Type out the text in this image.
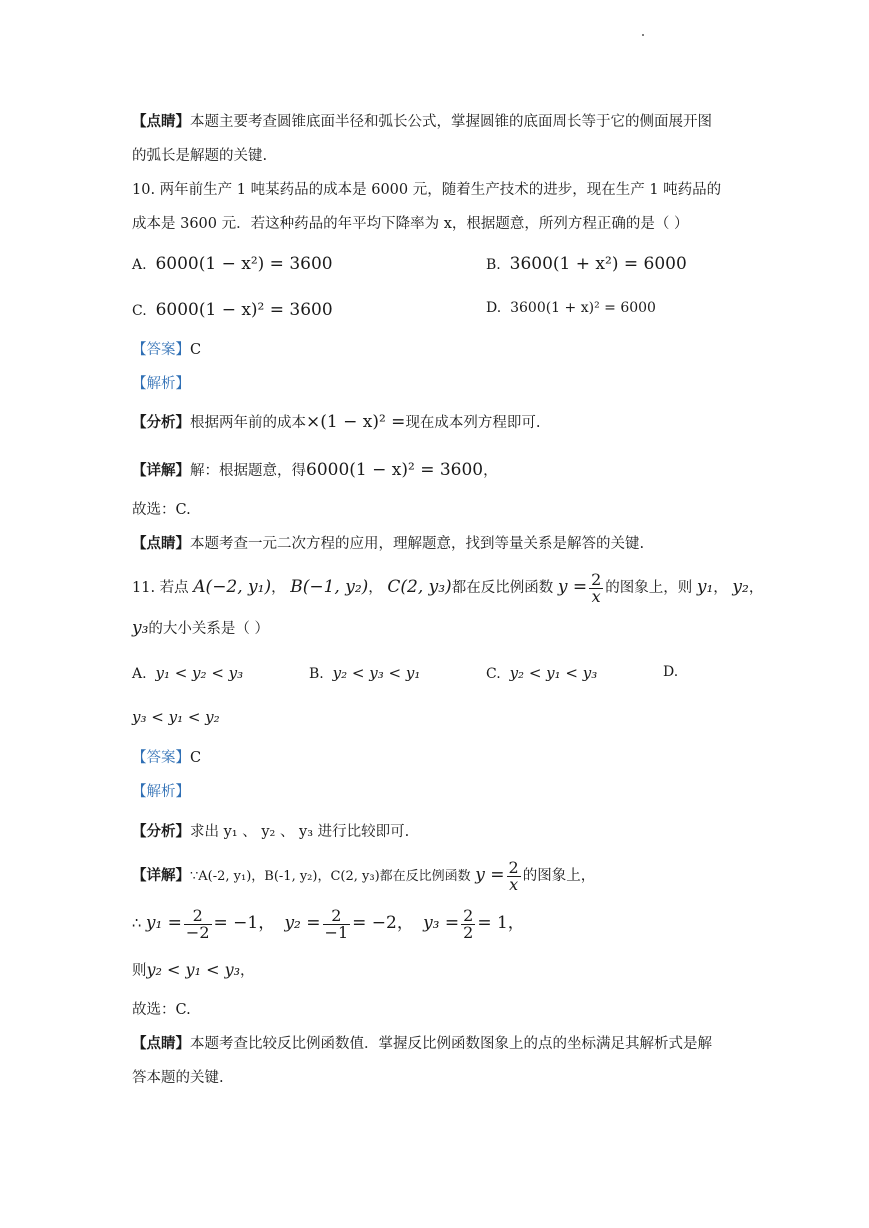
【点睛】本题主要考查圆锥底面半径和弧长公式，掌握圆锥的底面周长等于它的侧面展开图
的弧长是解题的关键.
10. 两年前生产 1 吨某药品的成本是 6000 元，随着生产技术的进步，现在生产 1 吨药品的
成本是 3600 元．若这种药品的年平均下降率为 x，根据题意，所列方程正确的是（ ）
A. 6000(1 − x²) = 3600	B. 3600(1 + x²) = 6000
C. 6000(1 − x)² = 3600	D. 3600(1 + x)² = 6000
【答案】C
【解析】
【分析】根据两年前的成本×(1 − x)² =现在成本列方程即可.
【详解】解：根据题意，得6000(1 − x)² = 3600，
故选：C.
【点睛】本题考查一元二次方程的应用，理解题意，找到等量关系是解答的关键.
11. 若点 A(−2, y₁)， B(−1, y₂)， C(2, y₃)都在反比例函数 $y = \frac{2}{x}$ 的图象上，则 y₁， y₂，
y₃的大小关系是（ ）
A. y₁ < y₂ < y₃	B. y₂ < y₃ < y₁	C. y₂ < y₁ < y₃	D.
y₃ < y₁ < y₂
【答案】C
【解析】
【分析】求出 y₁ 、 y₂ 、 y₃ 进行比较即可.
【详解】∵A(-2, y₁)，B(-1, y₂)，C(2, y₃)都在反比例函数 $y = \frac{2}{x}$ 的图象上，
∴ $y_1 = \frac{2}{-2} = -1$， $y_2 = \frac{2}{-1} = -2$， $y_3 = \frac{2}{2} = 1$，
则y₂ < y₁ < y₃，
故选：C.
【点睛】本题考查比较反比例函数值．掌握反比例函数图象上的点的坐标满足其解析式是解
答本题的关键.
